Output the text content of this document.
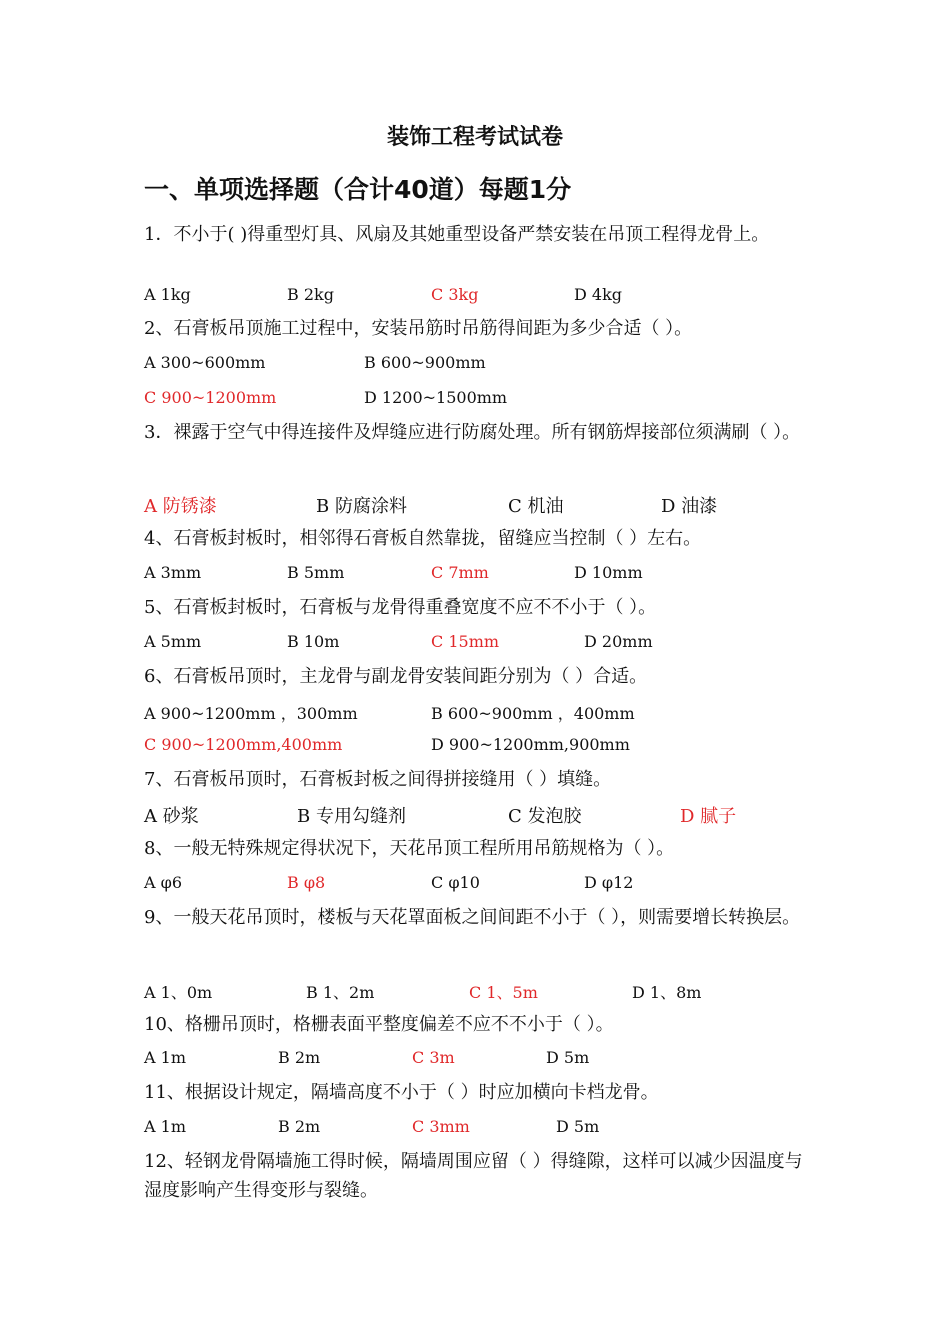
装饰工程考试试卷
一、单项选择题（合计40道）每题1分
1．不小于( )得重型灯具、风扇及其她重型设备严禁安装在吊顶工程得龙骨上。
A 1kg	B 2kg	C 3kg	D 4kg
2、石膏板吊顶施工过程中，安装吊筋时吊筋得间距为多少合适（ ）。
A 300~600mm	B 600~900mm
C 900~1200mm	D 1200~1500mm
3．裸露于空气中得连接件及焊缝应进行防腐处理。所有钢筋焊接部位须满刷（ ）。
A 防锈漆	B 防腐涂料	C 机油	D 油漆
4、石膏板封板时，相邻得石膏板自然靠拢，留缝应当控制（ ）左右。
A 3mm	B 5mm	C 7mm	D 10mm
5、石膏板封板时，石膏板与龙骨得重叠宽度不应不不小于（ ）。
A 5mm	B 10m	C 15mm	D 20mm
6、石膏板吊顶时，主龙骨与副龙骨安装间距分别为（ ）合适。
A 900~1200mm ，300mm	B 600~900mm ，400mm
C 900~1200mm,400mm	D 900~1200mm,900mm
7、石膏板吊顶时，石膏板封板之间得拼接缝用（ ）填缝。
A 砂浆	B 专用勾缝剂	C 发泡胶	D 腻子
8、一般无特殊规定得状况下，天花吊顶工程所用吊筋规格为（ ）。
A φ6	B φ8	C φ10	D φ12
9、一般天花吊顶时，楼板与天花罩面板之间间距不小于（ ），则需要增长转换层。
A 1、0m	B 1、2m	C 1、5m	D 1、8m
10、格栅吊顶时，格栅表面平整度偏差不应不不小于（ ）。
A 1m	B 2m	C 3m	D 5m
11、根据设计规定，隔墙高度不小于（ ）时应加横向卡档龙骨。
A 1m	B 2m	C 3mm	D 5m
12、轻钢龙骨隔墙施工得时候，隔墙周围应留（ ）得缝隙，这样可以减少因温度与湿度影响产生得变形与裂缝。
